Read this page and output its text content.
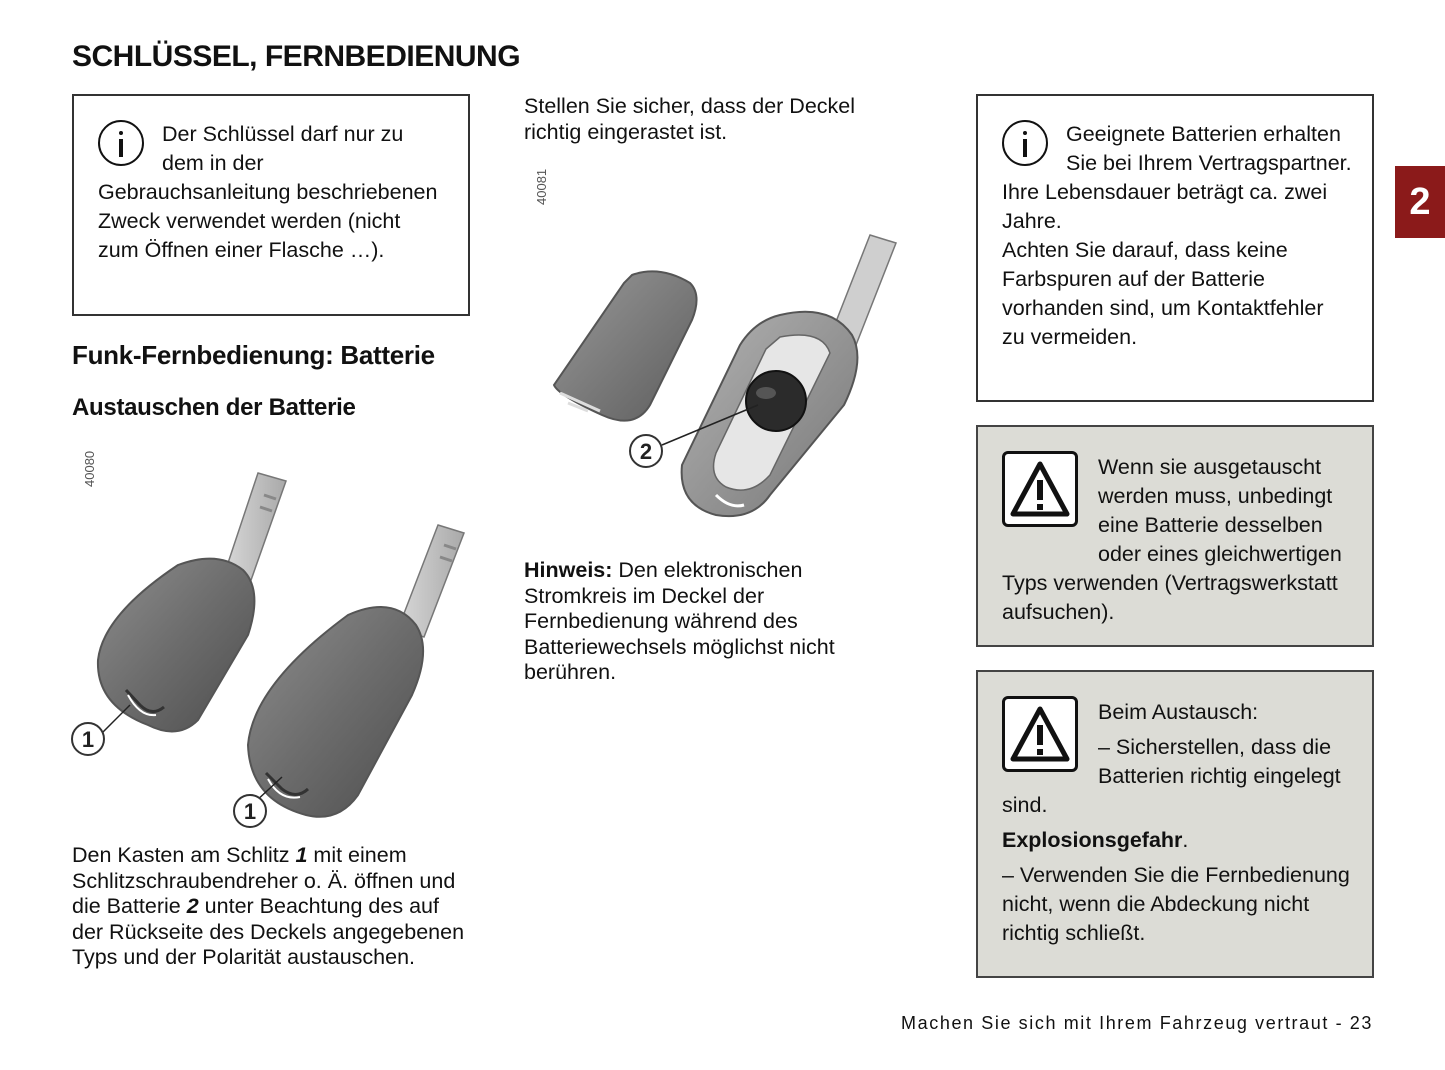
SCHLÜSSEL, FERNBEDIENUNG
2

Der Schlüssel darf nur zu dem in der Gebrauchsanleitung beschriebenen Zweck verwendet werden (nicht zum Öffnen einer Flasche …).

Funk-Fernbedienung: Batterie
Austauschen der Batterie
40080
1
1
Den Kasten am Schlitz 1 mit einem Schlitzschraubendreher o. Ä. öffnen und die Batterie 2 unter Beachtung des auf der Rückseite des Deckels angegebenen Typs und der Polarität austauschen.
Stellen Sie sicher, dass der Deckel richtig eingerastet ist.
40081
2
Hinweis: Den elektronischen Stromkreis im Deckel der Fernbedienung während des Batteriewechsels möglichst nicht berühren.

Geeignete Batterien erhalten Sie bei Ihrem Vertragspartner. Ihre Lebensdauer beträgt ca. zwei Jahre.

Achten Sie darauf, dass keine Farbspuren auf der Batterie vorhanden sind, um Kontaktfehler zu vermeiden.

Wenn sie ausgetauscht werden muss, unbedingt eine Batterie desselben oder eines gleichwertigen Typs verwenden (Vertragswerkstatt aufsuchen).

Beim Austausch:

– Sicherstellen, dass die Batterien richtig eingelegt sind.

Explosionsgefahr.

– Verwenden Sie die Fernbedienung nicht, wenn die Abdeckung nicht richtig schließt.

Machen Sie sich mit Ihrem Fahrzeug vertraut - 23
